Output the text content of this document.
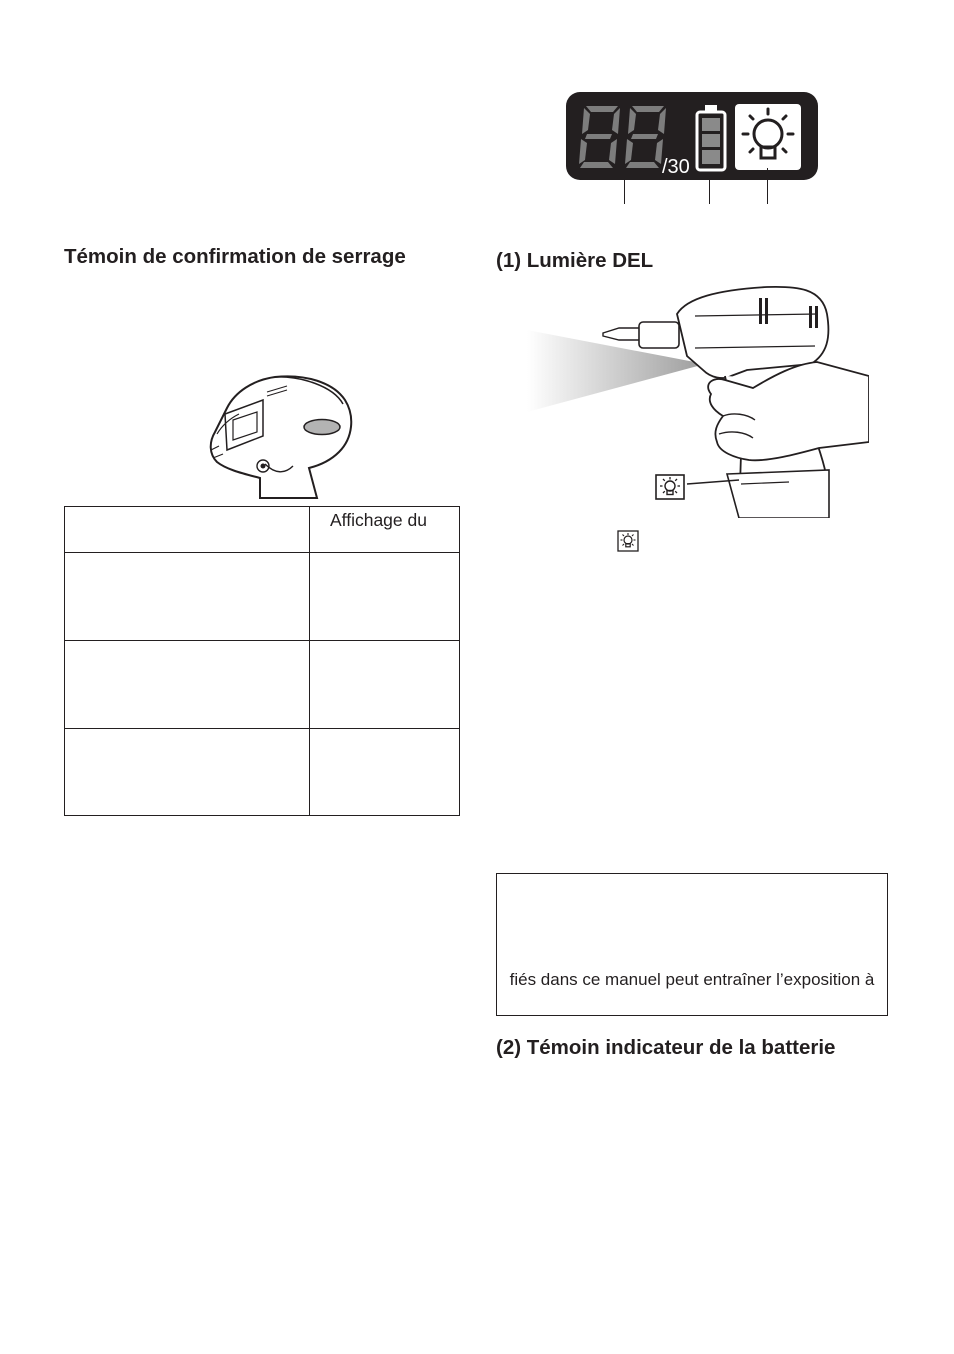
/30
Témoin de confirmation de serrage	(1) Lumière DEL
(2) Témoin indicateur de la batterie

	Affichage du

fiés dans ce manuel peut entraîner l’exposition à
